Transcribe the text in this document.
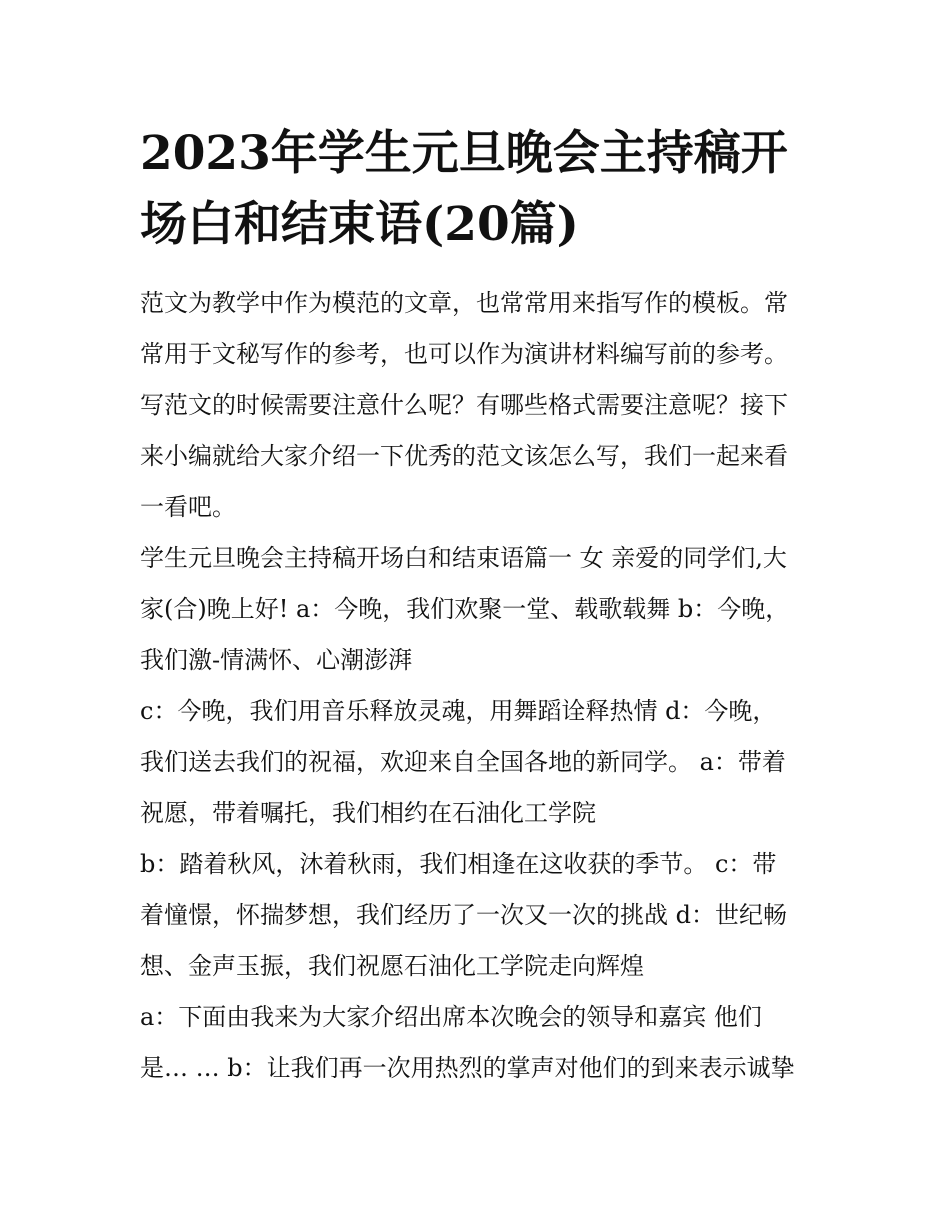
2023年学生元旦晚会主持稿开
场白和结束语(20篇)
范文为教学中作为模范的文章，也常常用来指写作的模板。常
常用于文秘写作的参考，也可以作为演讲材料编写前的参考。
写范文的时候需要注意什么呢？有哪些格式需要注意呢？接下
来小编就给大家介绍一下优秀的范文该怎么写，我们一起来看
一看吧。
学生元旦晚会主持稿开场白和结束语篇一 女 亲爱的同学们,大
家(合)晚上好! a：今晚，我们欢聚一堂、载歌载舞 b：今晚，
我们激-情满怀、心潮澎湃
c：今晚，我们用音乐释放灵魂，用舞蹈诠释热情 d：今晚，
我们送去我们的祝福，欢迎来自全国各地的新同学。 a：带着
祝愿，带着嘱托，我们相约在石油化工学院
b：踏着秋风，沐着秋雨，我们相逢在这收获的季节。 c：带
着憧憬，怀揣梦想，我们经历了一次又一次的挑战 d：世纪畅
想、金声玉振，我们祝愿石油化工学院走向辉煌
a：下面由我来为大家介绍出席本次晚会的领导和嘉宾 他们
是… … b：让我们再一次用热烈的掌声对他们的到来表示诚挚
